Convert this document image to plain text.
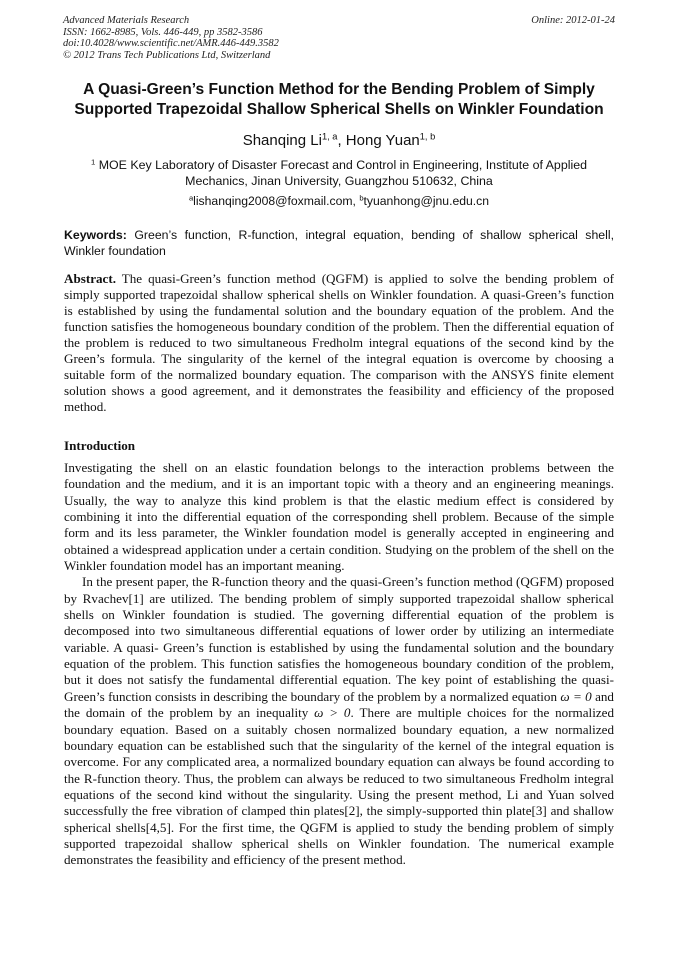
Advanced Materials Research
ISSN: 1662-8985, Vols. 446-449, pp 3582-3586
doi:10.4028/www.scientific.net/AMR.446-449.3582
© 2012 Trans Tech Publications Ltd, Switzerland
Online: 2012-01-24
A Quasi-Green’s Function Method for the Bending Problem of Simply Supported Trapezoidal Shallow Spherical Shells on Winkler Foundation
Shanqing Li$^{1, a}$, Hong Yuan$^{1, b}$
$^1$ MOE Key Laboratory of Disaster Forecast and Control in Engineering, Institute of Applied Mechanics, Jinan University, Guangzhou 510632, China
$^a$lishanqing2008@foxmail.com, $^b$tyuanhong@jnu.edu.cn
Keywords: Green’s function, R-function, integral equation, bending of shallow spherical shell, Winkler foundation
Abstract. The quasi-Green’s function method (QGFM) is applied to solve the bending problem of simply supported trapezoidal shallow spherical shells on Winkler foundation. A quasi-Green’s function is established by using the fundamental solution and the boundary equation of the problem. And the function satisfies the homogeneous boundary condition of the problem. Then the differential equation of the problem is reduced to two simultaneous Fredholm integral equations of the second kind by the Green’s formula. The singularity of the kernel of the integral equation is overcome by choosing a suitable form of the normalized boundary equation. The comparison with the ANSYS finite element solution shows a good agreement, and it demonstrates the feasibility and efficiency of the proposed method.
Introduction

Investigating the shell on an elastic foundation belongs to the interaction problems between the foundation and the medium, and it is an important topic with a theory and an engineering meanings. Usually, the way to analyze this kind problem is that the elastic medium effect is considered by combining it into the differential equation of the corresponding shell problem. Because of the simple form and its less parameter, the Winkler foundation model is generally accepted in engineering and obtained a widespread application under a certain condition. Studying on the problem of the shell on the Winkler foundation model has an important meaning.

In the present paper, the R-function theory and the quasi-Green’s function method (QGFM) proposed by Rvachev[1] are utilized. The bending problem of simply supported trapezoidal shallow spherical shells on Winkler foundation is studied. The governing differential equation of the problem is decomposed into two simultaneous differential equations of lower order by utilizing an intermediate variable. A quasi- Green’s function is established by using the fundamental solution and the boundary equation of the problem. This function satisfies the homogeneous boundary condition of the problem, but it does not satisfy the fundamental differential equation. The key point of establishing the quasi-Green’s function consists in describing the boundary of the problem by a normalized equation ω = 0 and the domain of the problem by an inequality ω > 0. There are multiple choices for the normalized boundary equation. Based on a suitably chosen normalized boundary equation, a new normalized boundary equation can be established such that the singularity of the kernel of the integral equation is overcome. For any complicated area, a normalized boundary equation can always be found according to the R-function theory. Thus, the problem can always be reduced to two simultaneous Fredholm integral equations of the second kind without the singularity. Using the present method, Li and Yuan solved successfully the free vibration of clamped thin plates[2], the simply-supported thin plate[3] and shallow spherical shells[4,5]. For the first time, the QGFM is applied to study the bending problem of simply supported trapezoidal shallow spherical shells on Winkler foundation. The numerical example demonstrates the feasibility and efficiency of the present method.
